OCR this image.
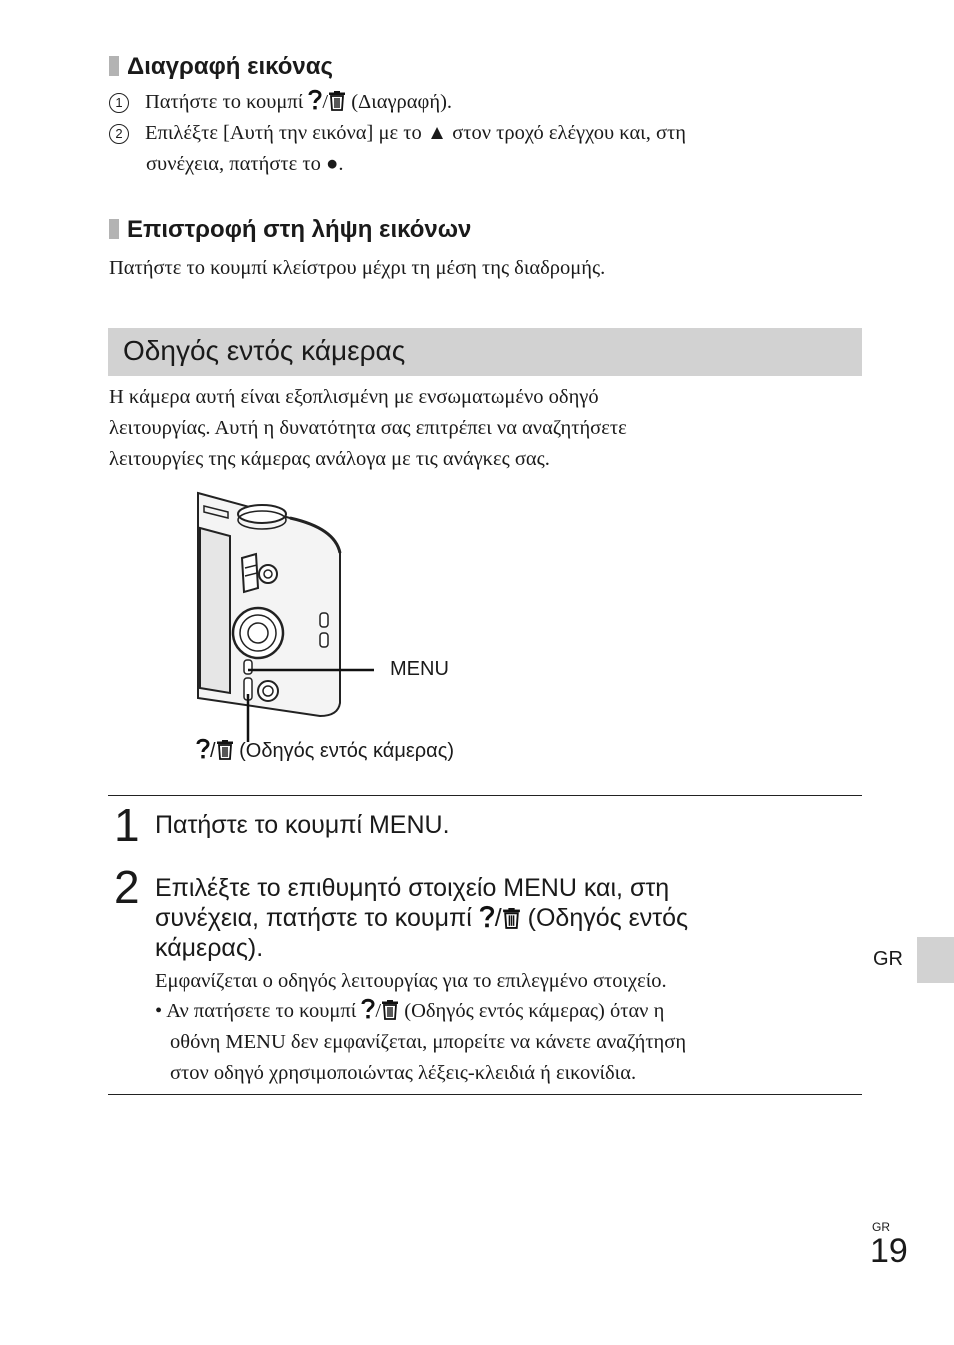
Διαγραφή εικόνας
1 Πατήστε το κουμπί / (Διαγραφή).
2 Επιλέξτε [Αυτή την εικόνα] με το ▲ στον τροχό ελέγχου και, στη
συνέχεια, πατήστε το ●.
Επιστροφή στη λήψη εικόνων
Πατήστε το κουμπί κλείστρου μέχρι τη μέση της διαδρομής.
Οδηγός εντός κάμερας
Η κάμερα αυτή είναι εξοπλισμένη με ενσωματωμένο οδηγό
λειτουργίας. Αυτή η δυνατότητα σας επιτρέπει να αναζητήσετε
λειτουργίες της κάμερας ανάλογα με τις ανάγκες σας.
MENU
/ (Οδηγός εντός κάμερας)
1 Πατήστε το κουμπί MENU.
2 Επιλέξτε το επιθυμητό στοιχείο MENU και, στη
συνέχεια, πατήστε το κουμπί / (Οδηγός εντός
κάμερας).
Εμφανίζεται ο οδηγός λειτουργίας για το επιλεγμένο στοιχείο.
• Αν πατήσετε το κουμπί / (Οδηγός εντός κάμερας) όταν η
οθόνη MENU δεν εμφανίζεται, μπορείτε να κάνετε αναζήτηση
στον οδηγό χρησιμοποιώντας λέξεις-κλειδιά ή εικονίδια.
GR
GR
19
